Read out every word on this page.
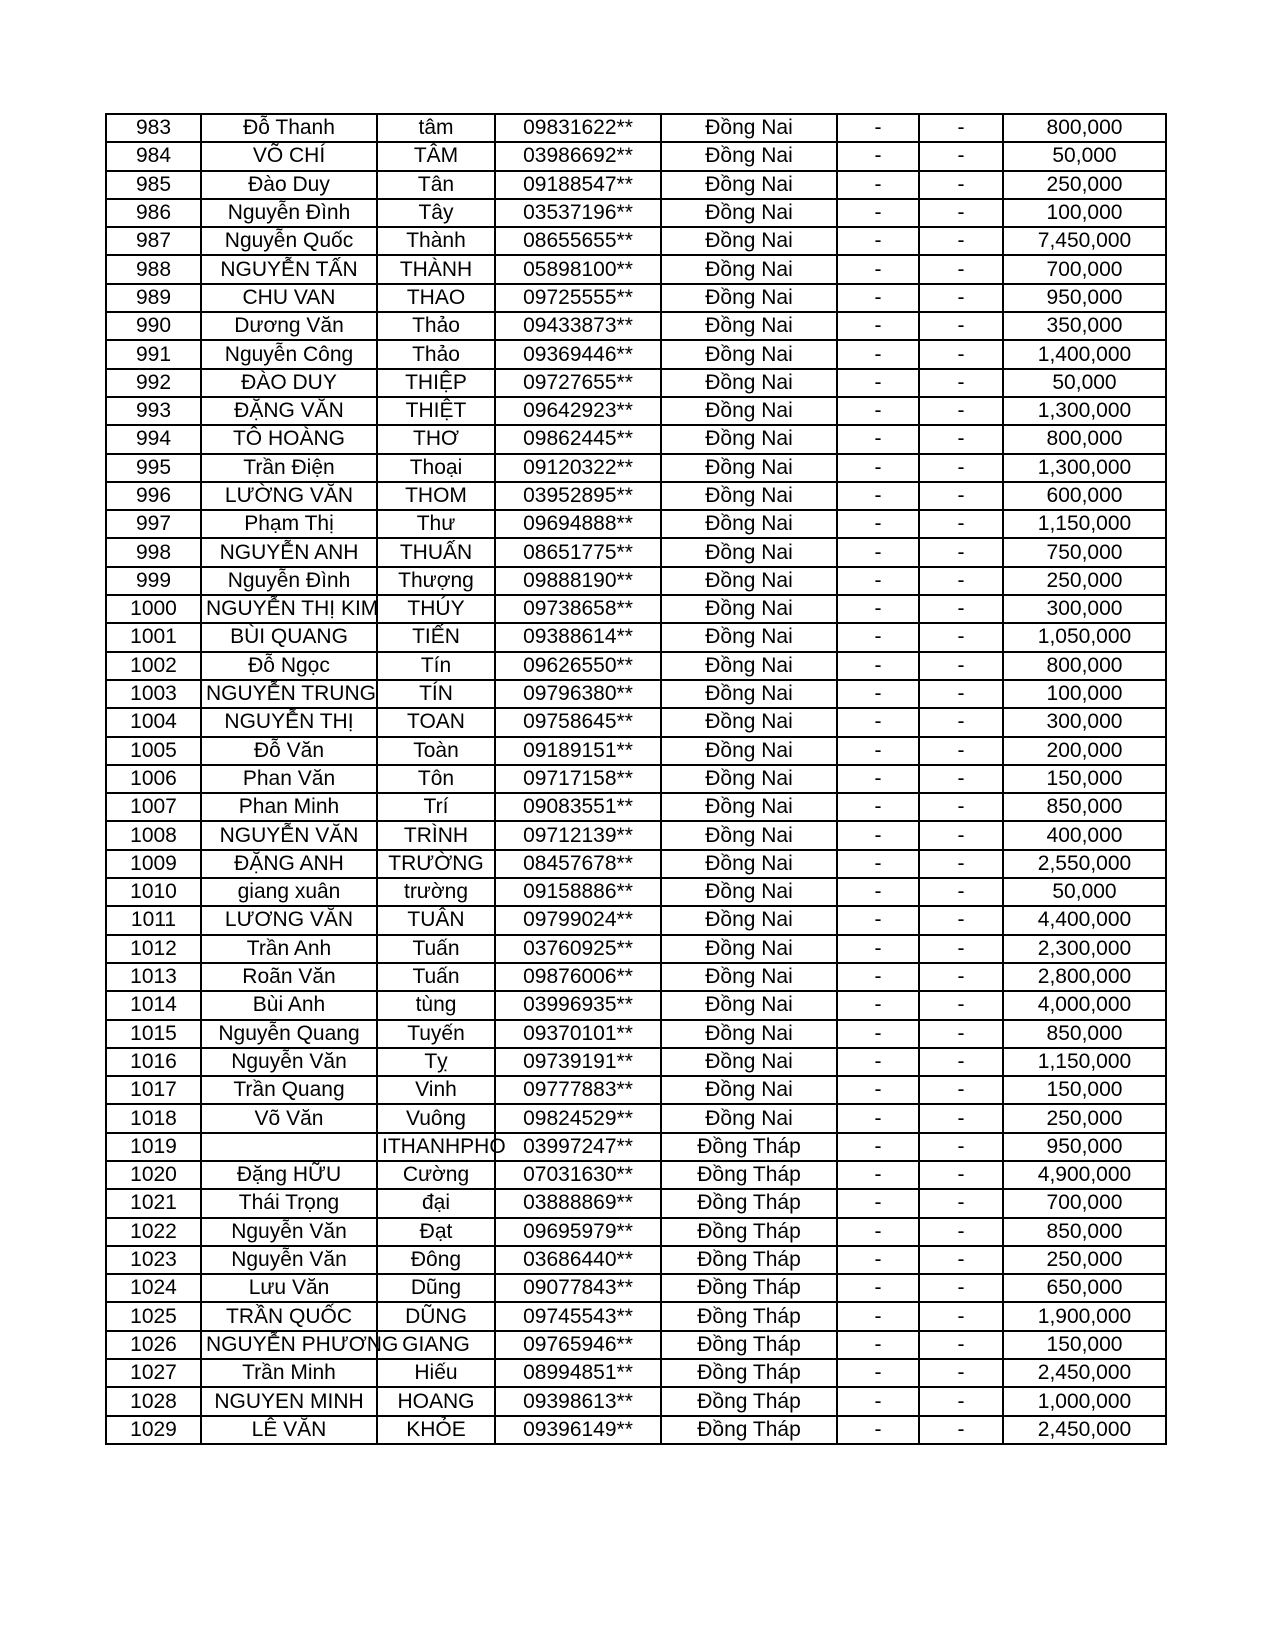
983	Đỗ Thanh	tâm	09831622**	Đồng Nai	-	-	800,000
984	VÕ CHÍ	TÂM	03986692**	Đồng Nai	-	-	50,000
985	Đào Duy	Tân	09188547**	Đồng Nai	-	-	250,000
986	Nguyễn Đình	Tây	03537196**	Đồng Nai	-	-	100,000
987	Nguyễn Quốc	Thành	08655655**	Đồng Nai	-	-	7,450,000
988	NGUYỄN TẤN	THÀNH	05898100**	Đồng Nai	-	-	700,000
989	CHU VAN	THAO	09725555**	Đồng Nai	-	-	950,000
990	Dương Văn	Thảo	09433873**	Đồng Nai	-	-	350,000
991	Nguyễn Công	Thảo	09369446**	Đồng Nai	-	-	1,400,000
992	ĐÀO DUY	THIỆP	09727655**	Đồng Nai	-	-	50,000
993	ĐẶNG VĂN	THIỆT	09642923**	Đồng Nai	-	-	1,300,000
994	TÔ HOÀNG	THƠ	09862445**	Đồng Nai	-	-	800,000
995	Trần Điện	Thoại	09120322**	Đồng Nai	-	-	1,300,000
996	LƯỜNG VĂN	THOM	03952895**	Đồng Nai	-	-	600,000
997	Phạm Thị	Thư	09694888**	Đồng Nai	-	-	1,150,000
998	NGUYỄN ANH	THUẤN	08651775**	Đồng Nai	-	-	750,000
999	Nguyễn Đình	Thượng	09888190**	Đồng Nai	-	-	250,000
1000	NGUYỄN THỊ KIM	THÚY	09738658**	Đồng Nai	-	-	300,000
1001	BÙI QUANG	TIẾN	09388614**	Đồng Nai	-	-	1,050,000
1002	Đỗ Ngọc	Tín	09626550**	Đồng Nai	-	-	800,000
1003	NGUYỄN TRUNG	TÍN	09796380**	Đồng Nai	-	-	100,000
1004	NGUYỄN THỊ	TOAN	09758645**	Đồng Nai	-	-	300,000
1005	Đỗ Văn	Toàn	09189151**	Đồng Nai	-	-	200,000
1006	Phan Văn	Tôn	09717158**	Đồng Nai	-	-	150,000
1007	Phan Minh	Trí	09083551**	Đồng Nai	-	-	850,000
1008	NGUYỄN VĂN	TRÌNH	09712139**	Đồng Nai	-	-	400,000
1009	ĐẶNG ANH	TRƯỜNG	08457678**	Đồng Nai	-	-	2,550,000
1010	giang xuân	trường	09158886**	Đồng Nai	-	-	50,000
1011	LƯƠNG VĂN	TUÂN	09799024**	Đồng Nai	-	-	4,400,000
1012	Trần Anh	Tuấn	03760925**	Đồng Nai	-	-	2,300,000
1013	Roãn Văn	Tuấn	09876006**	Đồng Nai	-	-	2,800,000
1014	Bùi Anh	tùng	03996935**	Đồng Nai	-	-	4,000,000
1015	Nguyễn Quang	Tuyến	09370101**	Đồng Nai	-	-	850,000
1016	Nguyễn Văn	Tỵ	09739191**	Đồng Nai	-	-	1,150,000
1017	Trần Quang	Vinh	09777883**	Đồng Nai	-	-	150,000
1018	Võ Văn	Vuông	09824529**	Đồng Nai	-	-	250,000
1019		ITHANHPHO	03997247**	Đồng Tháp	-	-	950,000
1020	Đặng HỮU	Cường	07031630**	Đồng Tháp	-	-	4,900,000
1021	Thái Trọng	đại	03888869**	Đồng Tháp	-	-	700,000
1022	Nguyễn Văn	Đạt	09695979**	Đồng Tháp	-	-	850,000
1023	Nguyễn Văn	Đông	03686440**	Đồng Tháp	-	-	250,000
1024	Lưu Văn	Dũng	09077843**	Đồng Tháp	-	-	650,000
1025	TRẦN QUỐC	DŨNG	09745543**	Đồng Tháp	-	-	1,900,000
1026	NGUYỄN PHƯƠNG	GIANG	09765946**	Đồng Tháp	-	-	150,000
1027	Trần Minh	Hiếu	08994851**	Đồng Tháp	-	-	2,450,000
1028	NGUYEN MINH	HOANG	09398613**	Đồng Tháp	-	-	1,000,000
1029	LÊ VĂN	KHỎE	09396149**	Đồng Tháp	-	-	2,450,000
